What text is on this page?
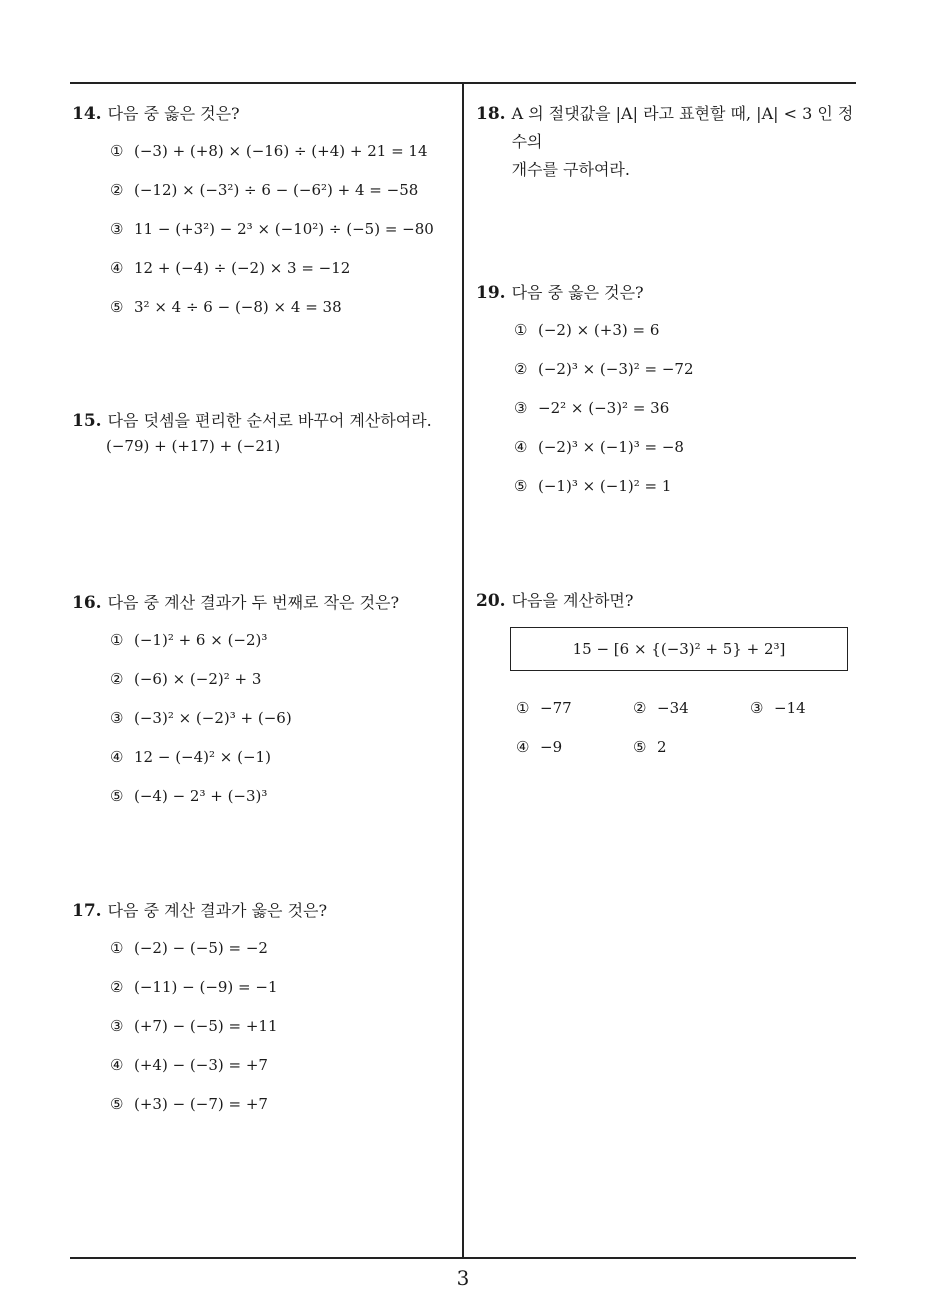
14. 다음 중 옳은 것은?
① (−3) + (+8) × (−16) ÷ (+4) + 21 = 14
② (−12) × (−3²) ÷ 6 − (−6²) + 4 = −58
③ 11 − (+3²) − 2³ × (−10²) ÷ (−5) = −80
④ 12 + (−4) ÷ (−2) × 3 = −12
⑤ 3² × 4 ÷ 6 − (−8) × 4 = 38
15. 다음 덧셈을 편리한 순서로 바꾸어 계산하여라.
(−79) + (+17) + (−21)
16. 다음 중 계산 결과가 두 번째로 작은 것은?
① (−1)² + 6 × (−2)³
② (−6) × (−2)² + 3
③ (−3)² × (−2)³ + (−6)
④ 12 − (−4)² × (−1)
⑤ (−4) − 2³ + (−3)³
17. 다음 중 계산 결과가 옳은 것은?
① (−2) − (−5) = −2
② (−11) − (−9) = −1
③ (+7) − (−5) = +11
④ (+4) − (−3) = +7
⑤ (+3) − (−7) = +7
18. A 의 절댓값을 |A| 라고 표현할 때, |A| < 3 인 정수의
개수를 구하여라.
19. 다음 중 옳은 것은?
① (−2) × (+3) = 6
② (−2)³ × (−3)² = −72
③ −2² × (−3)² = 36
④ (−2)³ × (−1)³ = −8
⑤ (−1)³ × (−1)² = 1
20. 다음을 계산하면?
15 − [6 × {(−3)² + 5} + 2³]
① −77	② −34	③ −14
④ −9	⑤ 2
3
